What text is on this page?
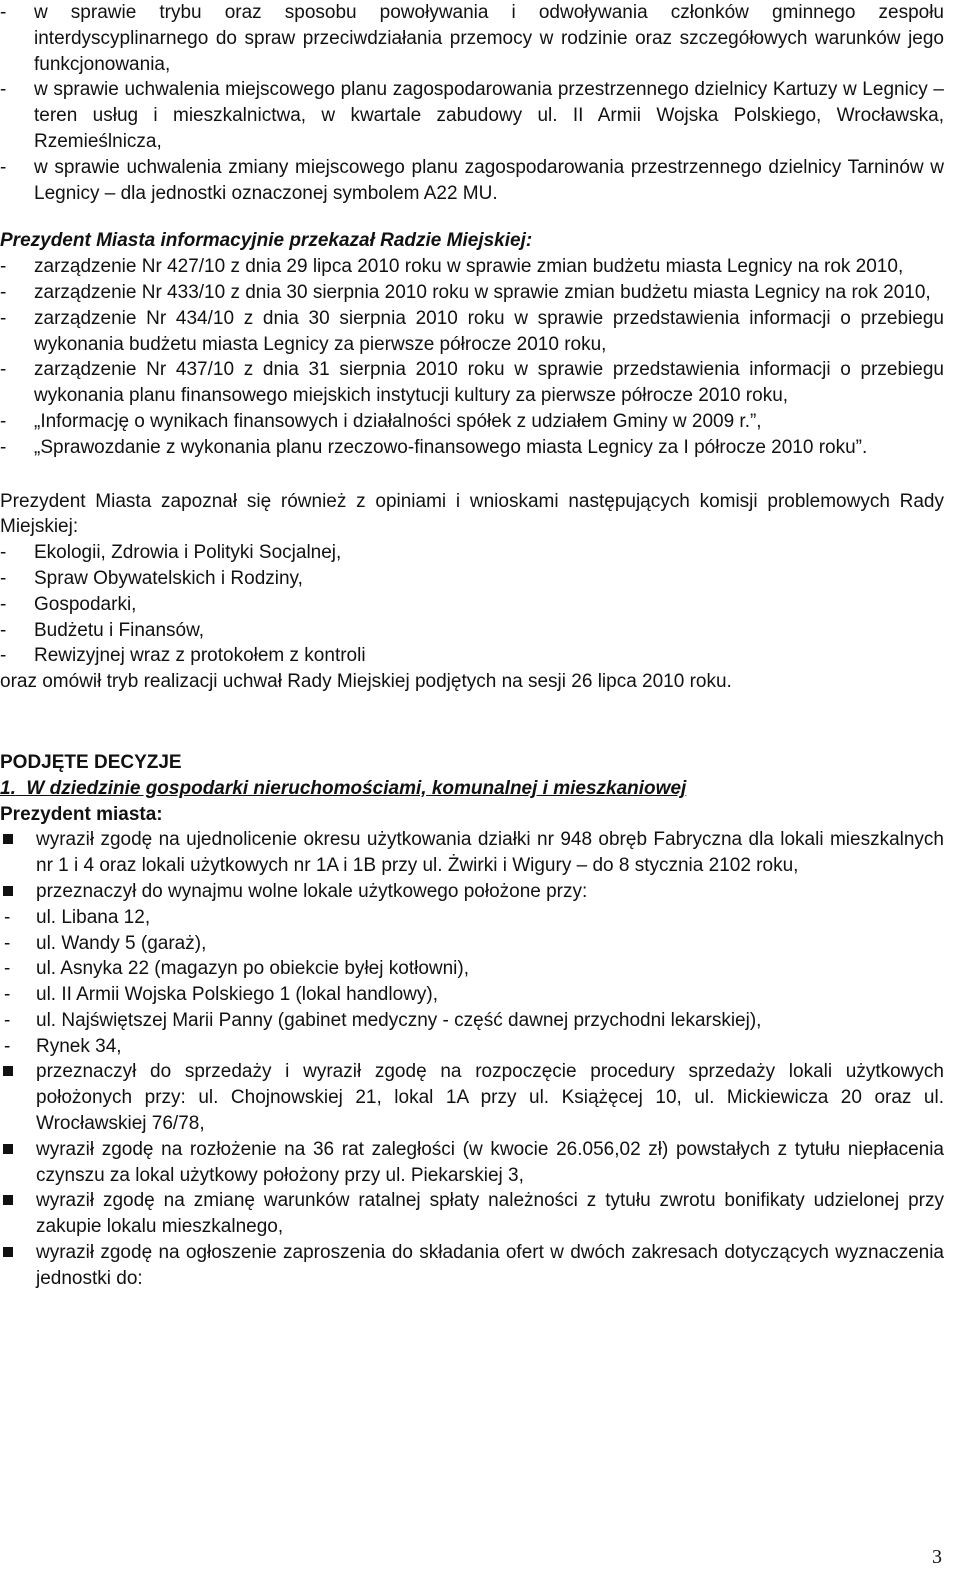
- w sprawie trybu oraz sposobu powoływania i odwoływania członków gminnego zespołu interdyscyplinarnego do spraw przeciwdziałania przemocy w rodzinie oraz szczegółowych warunków jego funkcjonowania,
- w sprawie uchwalenia miejscowego planu zagospodarowania przestrzennego dzielnicy Kartuzy w Legnicy – teren usług i mieszkalnictwa, w kwartale zabudowy ul. II Armii Wojska Polskiego, Wrocławska, Rzemieślnicza,
- w sprawie uchwalenia zmiany miejscowego planu zagospodarowania przestrzennego dzielnicy Tarninów w Legnicy – dla jednostki oznaczonej symbolem A22 MU.
Prezydent Miasta informacyjnie przekazał Radzie Miejskiej:
- zarządzenie Nr 427/10 z dnia 29 lipca 2010 roku w sprawie zmian budżetu miasta Legnicy na rok 2010,
- zarządzenie Nr 433/10 z dnia 30 sierpnia 2010 roku w sprawie zmian budżetu miasta Legnicy na rok 2010,
- zarządzenie Nr 434/10 z dnia 30 sierpnia 2010 roku w sprawie przedstawienia informacji o przebiegu wykonania budżetu miasta Legnicy za pierwsze półrocze 2010 roku,
- zarządzenie Nr 437/10 z dnia 31 sierpnia 2010 roku w sprawie przedstawienia informacji o przebiegu wykonania planu finansowego miejskich instytucji kultury za pierwsze półrocze 2010 roku,
- „Informację o wynikach finansowych i działalności spółek z udziałem Gminy w 2009 r.”,
- „Sprawozdanie z wykonania planu rzeczowo-finansowego miasta Legnicy za I półrocze 2010 roku”.
Prezydent Miasta zapoznał się również z opiniami i wnioskami następujących komisji problemowych Rady Miejskiej:
- Ekologii, Zdrowia i Polityki Socjalnej,
- Spraw Obywatelskich i Rodziny,
- Gospodarki,
- Budżetu i Finansów,
- Rewizyjnej wraz z protokołem z kontroli
oraz omówił tryb realizacji uchwał Rady Miejskiej podjętych na sesji 26 lipca 2010 roku.
PODJĘTE DECYZJE
1. W dziedzinie gospodarki nieruchomościami, komunalnej i mieszkaniowej
Prezydent miasta:
wyraził zgodę na ujednolicenie okresu użytkowania działki nr 948 obręb Fabryczna dla lokali mieszkalnych nr 1 i 4 oraz lokali użytkowych nr 1A i 1B przy ul. Żwirki i Wigury – do 8 stycznia 2102 roku,
przeznaczył do wynajmu wolne lokale użytkowego położone przy:
- ul. Libana 12,
- ul. Wandy 5 (garaż),
- ul. Asnyka 22 (magazyn po obiekcie byłej kotłowni),
- ul. II Armii Wojska Polskiego 1 (lokal handlowy),
- ul. Najświętszej Marii Panny (gabinet medyczny - część dawnej przychodni lekarskiej),
- Rynek 34,
przeznaczył do sprzedaży i wyraził zgodę na rozpoczęcie procedury sprzedaży lokali użytkowych położonych przy: ul. Chojnowskiej 21, lokal 1A przy ul. Książęcej 10, ul. Mickiewicza 20 oraz ul. Wrocławskiej 76/78,
wyraził zgodę na rozłożenie na 36 rat zaległości (w kwocie 26.056,02 zł) powstałych z tytułu niepłacenia czynszu za lokal użytkowy położony przy ul. Piekarskiej 3,
wyraził zgodę na zmianę warunków ratalnej spłaty należności z tytułu zwrotu bonifikaty udzielonej przy zakupie lokalu mieszkalnego,
wyraził zgodę na ogłoszenie zaproszenia do składania ofert w dwóch zakresach dotyczących wyznaczenia jednostki do:
3
